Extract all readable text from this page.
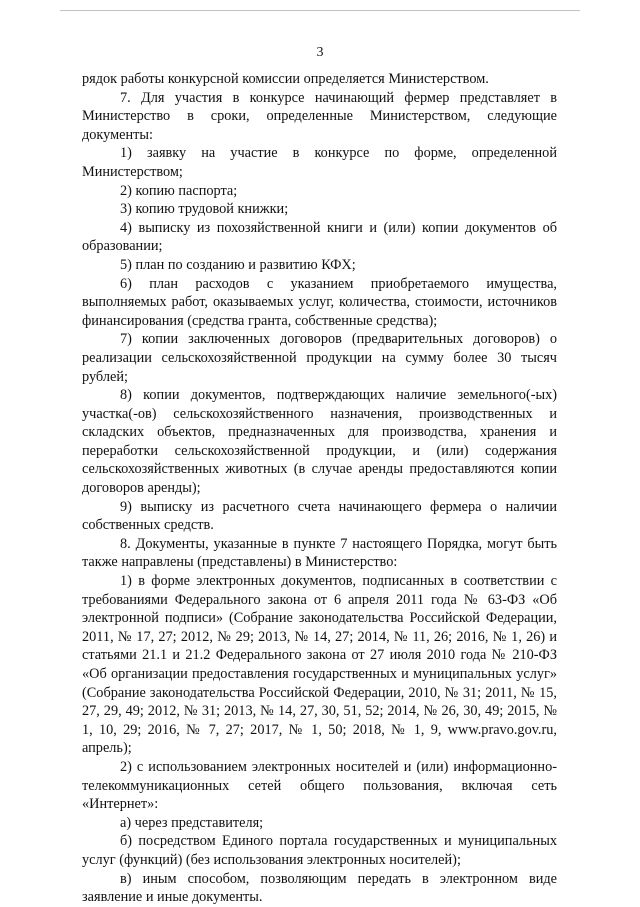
3

рядок работы конкурсной комиссии определяется Министерством.

7. Для участия в конкурсе начинающий фермер представляет в Министерство в сроки, определенные Министерством, следующие документы:

1) заявку на участие в конкурсе по форме, определенной Министерством;

2) копию паспорта;

3) копию трудовой книжки;

4) выписку из похозяйственной книги и (или) копии документов об образовании;

5) план по созданию и развитию КФХ;

6) план расходов с указанием приобретаемого имущества, выполняемых работ, оказываемых услуг, количества, стоимости, источников финансирования (средства гранта, собственные средства);

7) копии заключенных договоров (предварительных договоров) о реализации сельскохозяйственной продукции на сумму более 30 тысяч рублей;

8) копии документов, подтверждающих наличие земельного(-ых) участка(-ов) сельскохозяйственного назначения, производственных и складских объектов, предназначенных для производства, хранения и переработки сельскохозяйственной продукции, и (или) содержания сельскохозяйственных животных (в случае аренды предоставляются копии договоров аренды);

9) выписку из расчетного счета начинающего фермера о наличии собственных средств.

8. Документы, указанные в пункте 7 настоящего Порядка, могут быть также направлены (представлены) в Министерство:

1) в форме электронных документов, подписанных в соответствии с требованиями Федерального закона от 6 апреля 2011 года № 63-ФЗ «Об электронной подписи» (Собрание законодательства Российской Федерации, 2011, № 17, 27; 2012, № 29; 2013, № 14, 27; 2014, № 11, 26; 2016, № 1, 26) и статьями 21.1 и 21.2 Федерального закона от 27 июля 2010 года № 210-ФЗ «Об организации предоставления государственных и муниципальных услуг» (Собрание законодательства Российской Федерации, 2010, № 31; 2011, № 15, 27, 29, 49; 2012, № 31; 2013, № 14, 27, 30, 51, 52; 2014, № 26, 30, 49; 2015, № 1, 10, 29; 2016, № 7, 27; 2017, № 1, 50; 2018, № 1, 9, www.pravo.gov.ru, апрель);

2) с использованием электронных носителей и (или) информационно-телекоммуникационных сетей общего пользования, включая сеть «Интернет»:

а) через представителя;

б) посредством Единого портала государственных и муниципальных услуг (функций) (без использования электронных носителей);

в) иным способом, позволяющим передать в электронном виде заявление и иные документы.
